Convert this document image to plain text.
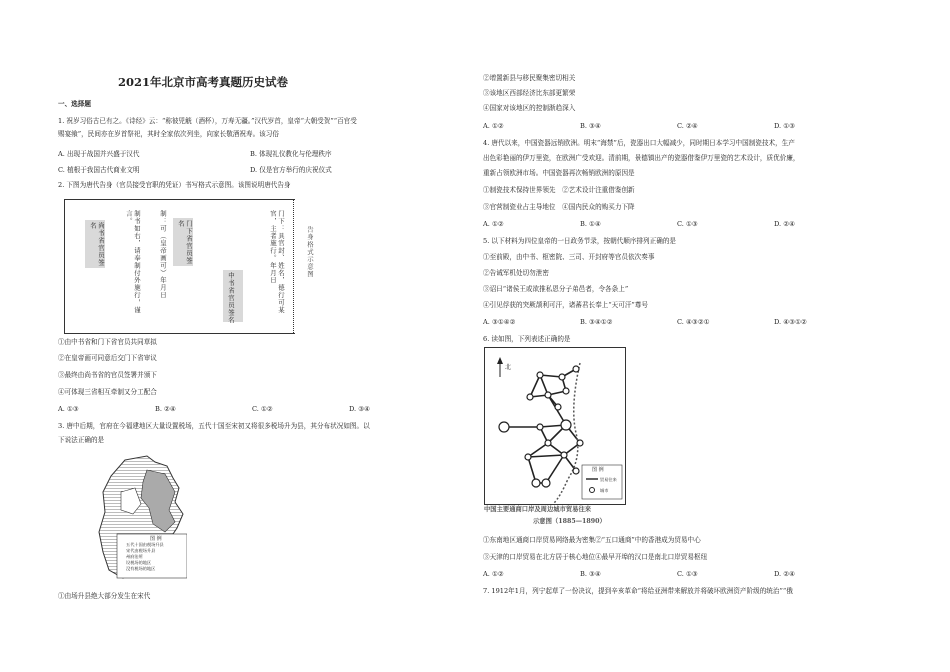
2021年北京市高考真题历史试卷
一、选择题
1. 祝岁习俗古已有之。《诗经》云：“称彼兕觥（酒杯），万寿无疆。”汉代岁首，皇帝“大朝受贺”“百官受
赐宴飨”，民间亦在岁首祭祀，其时全家依次列坐，向家长敬酒祝寿。该习俗
A. 出现于战国并兴盛于汉代	B. 体现礼仪教化与伦理秩序
C. 植根于我国古代商业文明	D. 仅是官方举行的庆祝仪式
2. 下图为唐代告身（官员接受官职的凭证）书写格式示意图。该图说明唐代告身
尚书省官员签名	制书如右，请奉制付外施行，谨言。	制：可（皇帝画可）年月日	门下省官员签名
中书省官员签名	门下：具官封、姓名，德行可某官，主者施行。年月日	告身格式示意图
①由中书省和门下省官员共同草拟
②在皇帝画可同意后交门下省审议
③最终由尚书省的官员签署并颁下
④可体现三省相互牵制又分工配合
A. ①③	B. ②④	C. ①②	D. ③④
3. 唐中后期，官府在今福建地区大量设置税场，五代十国至宋初又将很多税场升为县，其分布状况如图。以
下说法正确的是
图 例
五代十国由税场升县
宋代由税场升县
州府治所
设税场的地区
没有税场的地区
①由场升县绝大部分发生在宋代
②增置新县与移民聚集密切相关
③该地区西部经济比东部更繁荣
④国家对该地区的控制渐趋深入
A. ①②	B. ③④	C. ②④	D. ①③
4. 唐代以来，中国瓷器远销欧洲。明末“海禁”后，瓷器出口大幅减少，同时期日本学习中国制瓷技术，生产
出色彩艳丽的伊万里瓷，在欧洲广受欢迎。清前期，景德镇出产的瓷器借鉴伊万里瓷的艺术设计，质优价廉，
重新占领欧洲市场。中国瓷器再次畅销欧洲的原因是
①制瓷技术保持世界领先　②艺术设计注重借鉴创新
③官营制瓷业占主导地位　④国内民众的购买力下降
A. ①②	B. ①④	C. ①③	D. ②④
5. 以下材料为四位皇帝的一日政务节录，按朝代顺序排列正确的是
①至前殿，由中书、枢密院、三司、开封府等官员依次奏事
②告诫军机处切勿泄密
③诏曰“诸侯王或欲推私恩分子弟邑者，令各条上”
④引见俘获的突厥颉利可汗，诸蕃君长奉上“天可汗”尊号
A. ③①④②	B. ③④①②	C. ④③②①	D. ④③①②
6. 读如图，下列表述正确的是
北
图 例
贸易往来
城市
中国主要通商口岸及周边城市贸易往来
示意图（1885—1890）
①东南地区通商口岸贸易网络最为密集②“五口通商”中的香港成为贸易中心
③天津的口岸贸易在北方居于核心地位④最早开埠的汉口是南北口岸贸易枢纽
A. ①②	B. ③④	C. ①③	D. ②④
7. 1912年1月，列宁起草了一份决议，提到辛亥革命“将给亚洲带来解放并将破坏欧洲资产阶级的统治”“俄
